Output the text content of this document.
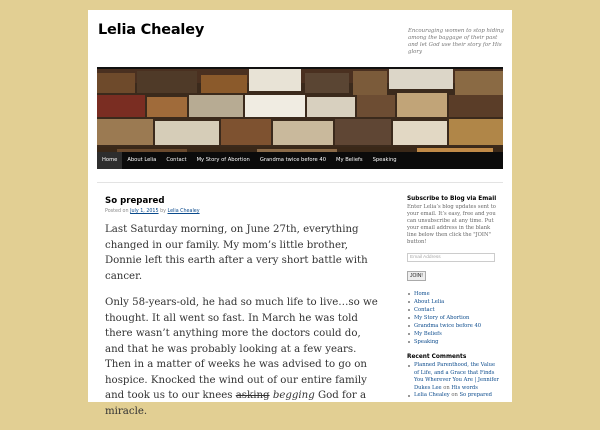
Lelia Chealey	Encouraging women to stop hiding among the baggage of their past and let God use their story for His glory
Home	About Lelia	Contact	My Story of Abortion	Grandma twice before 40	My Beliefs	Speaking
So prepared
Posted on July 1, 2015 by Lelia Chealey

Last Saturday morning, on June 27th, everything changed in our family. My mom’s little brother, Donnie left this earth after a very short battle with cancer.

Only 58-years-old, he had so much life to live…so we thought. It all went so fast. In March he was told there wasn’t anything more the doctors could do, and that he was probably looking at a few years. Then in a matter of weeks he was advised to go on hospice. Knocked the wind out of our entire family and took us to our knees asking begging God for a miracle.

Subscribe to Blog via Email
Enter Lelia’s blog updates sent to your email. It’s easy, free and you can unsubscribe at any time. Put your email address in the blank line below then click the "JOIN" button!
Email Address
JOIN!
Home
About Lelia
Contact
My Story of Abortion
Grandma twice before 40
My Beliefs
Speaking
Recent Comments
Planned Parenthood, the Value of Life, and a Grace that Finds You Wherever You Are | Jennifer Dukes Lee on His words
Lelia Chealey on So prepared
